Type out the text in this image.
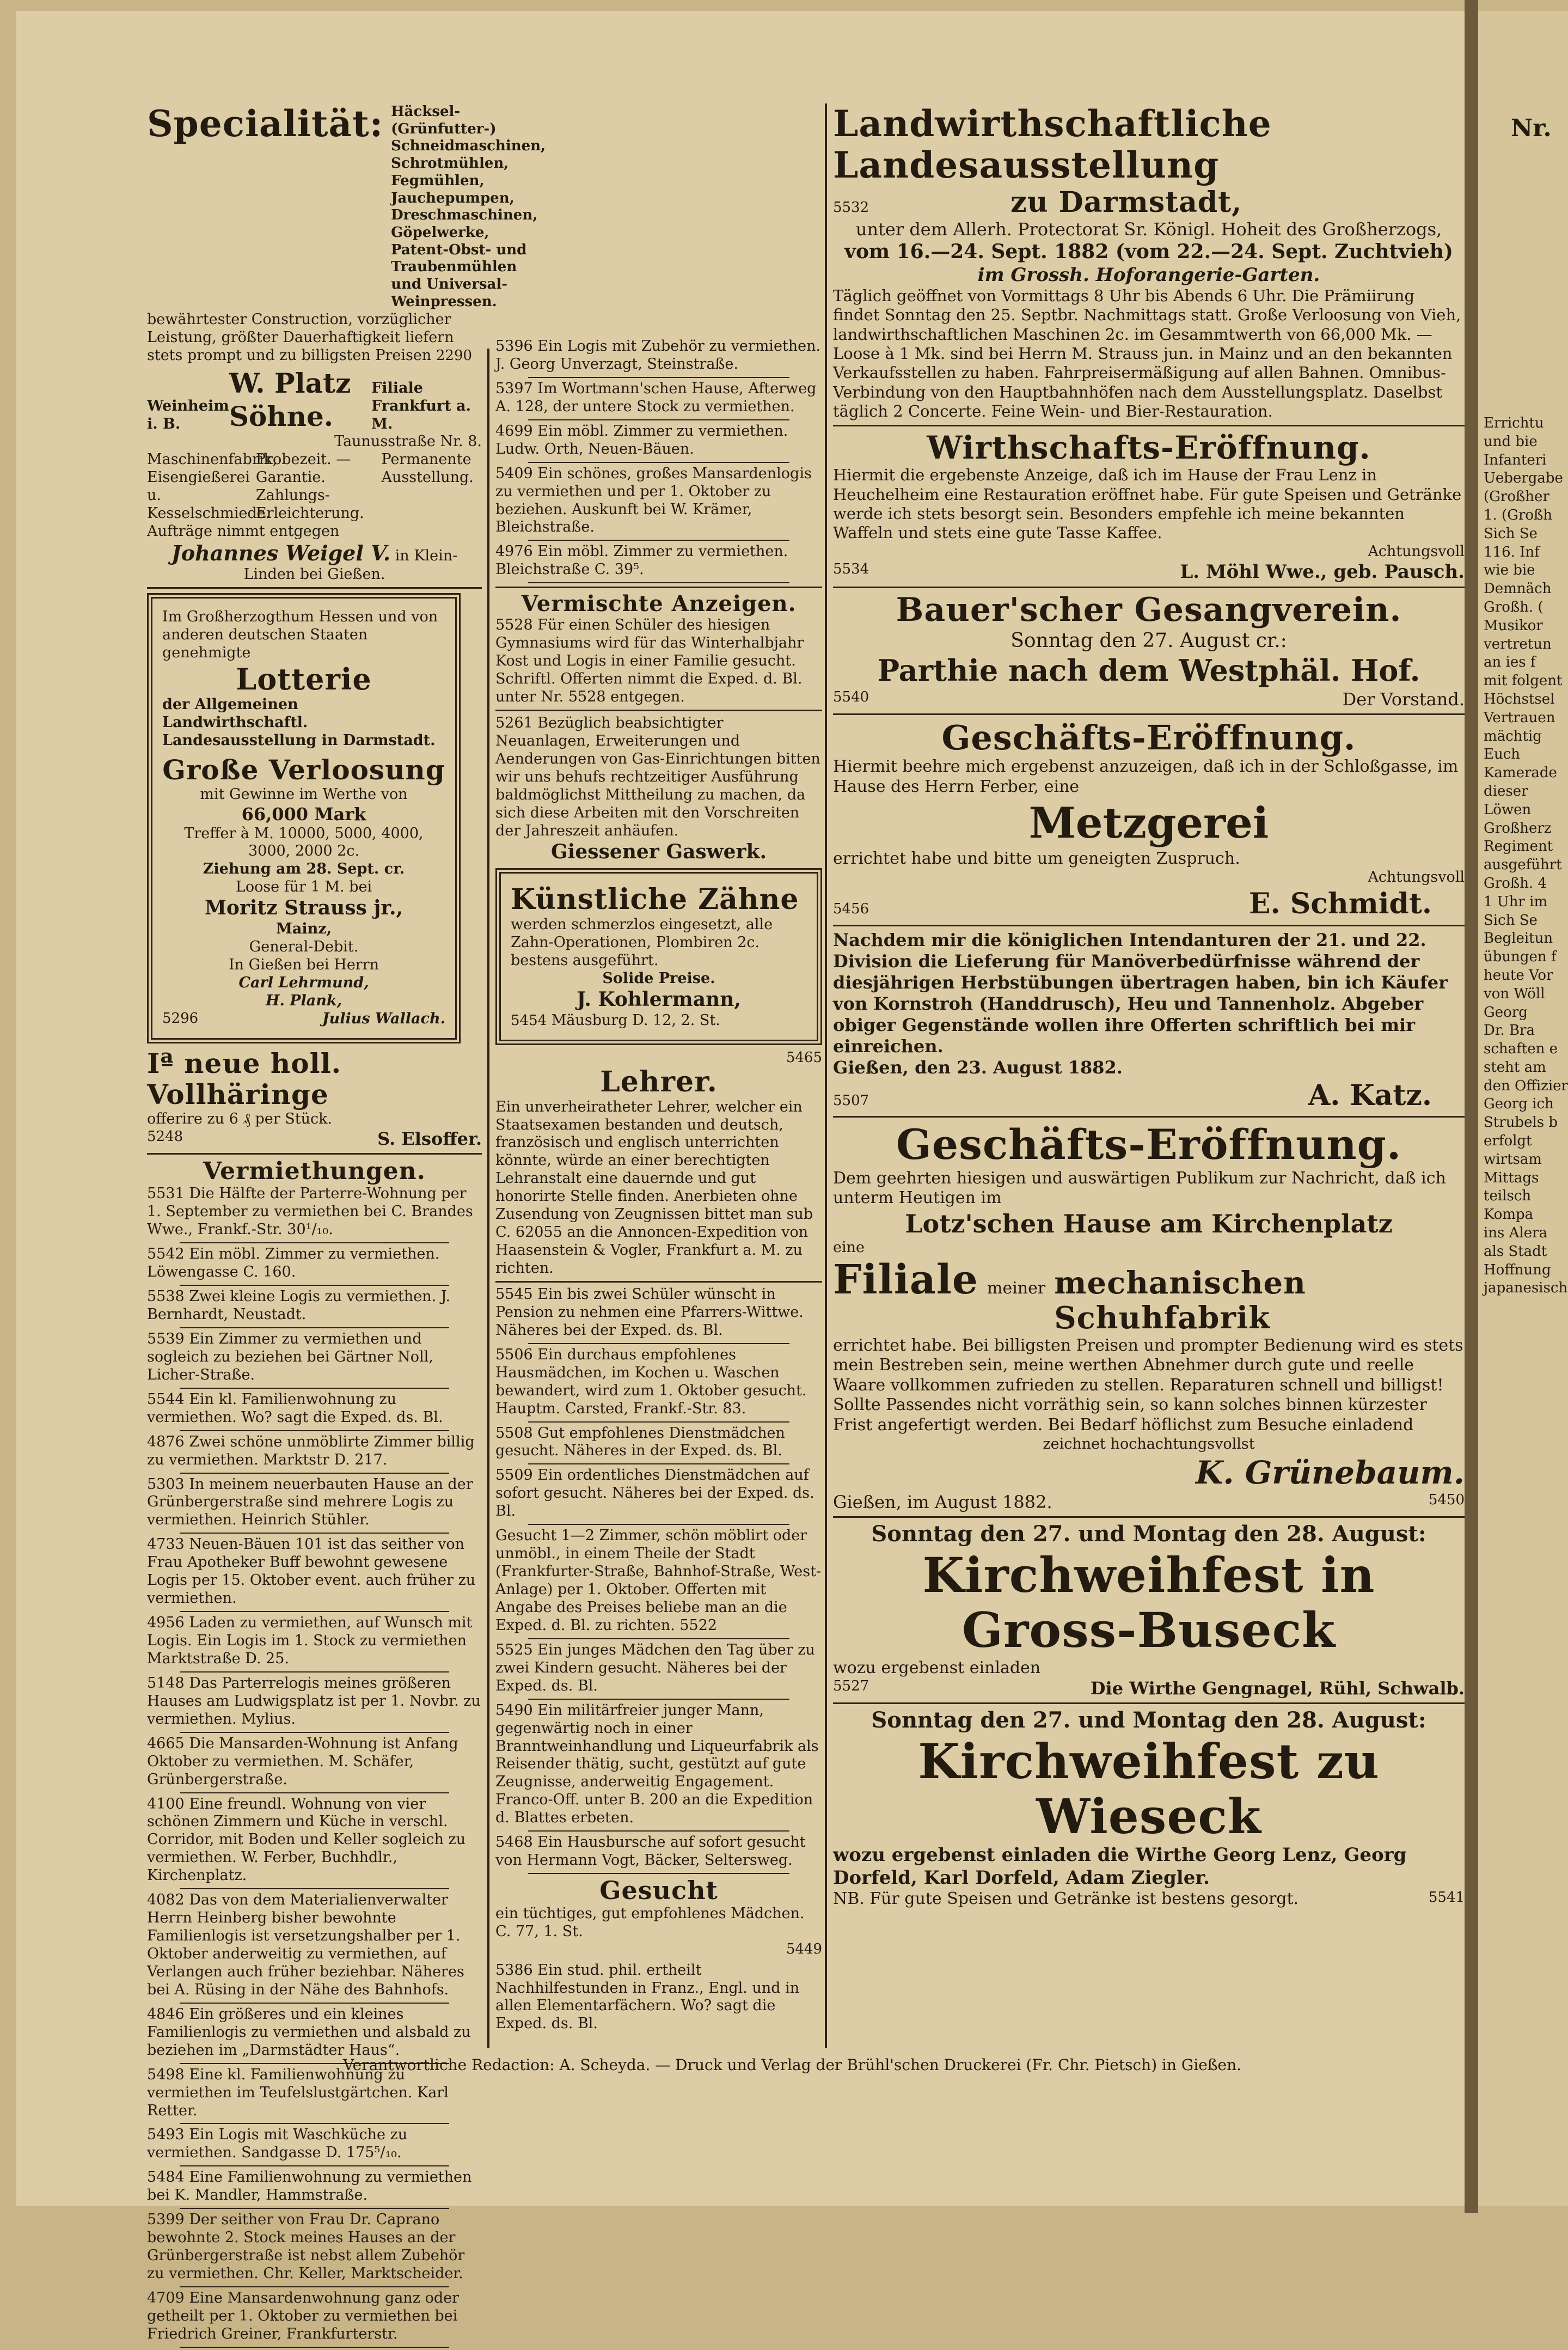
Specialität: Häcksel- (Grünfutter-) Schneidmaschinen, Schrotmühlen, Fegmühlen, Jauchepumpen, Dreschmaschinen, Göpelwerke, Patent-Obst- und Traubenmühlen und Universal-Weinpressen.
bewährtester Construction, vorzüglicher Leistung, größter Dauerhaftigkeit liefern stets prompt und zu billigsten Preisen 2290
Weinheim i. B.
W. Platz Söhne.
Filiale Frankfurt a. M.
Taunusstraße Nr. 8.
Maschinenfabrik, Eisengießerei u. Kesselschmiede.
Probezeit. — Garantie. Zahlungs-Erleichterung.
Permanente Ausstellung.
Aufträge nimmt entgegen
Johannes Weigel V. in Klein-Linden bei Gießen.
Im Großherzogthum Hessen und von anderen deutschen Staaten genehmigte
Lotterie
der Allgemeinen Landwirthschaftl. Landesausstellung in Darmstadt.
Große Verloosung
mit Gewinne im Werthe von
66,000 Mark
Treffer à M. 10000, 5000, 4000, 3000, 2000 2c.
Ziehung am 28. Sept. cr.
Loose für 1 M. bei
Moritz Strauss jr.,
Mainz,
General-Debit.
In Gießen bei Herrn
Carl Lehrmund,
H. Plank,
5296	Julius Wallach.
Iª neue holl. Vollhäringe
offerire zu 6 ₰ per Stück.
5248	S. Elsoffer.
Vermiethungen.
5531 Die Hälfte der Parterre-Wohnung per 1. September zu vermiethen bei C. Brandes Wwe., Frankf.-Str. 30¹/₁₀.
5542 Ein möbl. Zimmer zu vermiethen. Löwengasse C. 160.
5538 Zwei kleine Logis zu vermiethen. J. Bernhardt, Neustadt.
5539 Ein Zimmer zu vermiethen und sogleich zu beziehen bei Gärtner Noll, Licher-Straße.
5544 Ein kl. Familienwohnung zu vermiethen. Wo? sagt die Exped. ds. Bl.
4876 Zwei schöne unmöblirte Zimmer billig zu vermiethen. Marktstr D. 217.
5303 In meinem neuerbauten Hause an der Grünbergerstraße sind mehrere Logis zu vermiethen. Heinrich Stühler.
4733 Neuen-Bäuen 101 ist das seither von Frau Apotheker Buff bewohnt gewesene Logis per 15. Oktober event. auch früher zu vermiethen.
4956 Laden zu vermiethen, auf Wunsch mit Logis. Ein Logis im 1. Stock zu vermiethen Marktstraße D. 25.
5148 Das Parterrelogis meines größeren Hauses am Ludwigsplatz ist per 1. Novbr. zu vermiethen. Mylius.
4665 Die Mansarden-Wohnung ist Anfang Oktober zu vermiethen. M. Schäfer, Grünbergerstraße.
4100 Eine freundl. Wohnung von vier schönen Zimmern und Küche in verschl. Corridor, mit Boden und Keller sogleich zu vermiethen. W. Ferber, Buchhdlr., Kirchenplatz.
4082 Das von dem Materialienverwalter Herrn Heinberg bisher bewohnte Familienlogis ist versetzungshalber per 1. Oktober anderweitig zu vermiethen, auf Verlangen auch früher beziehbar. Näheres bei A. Rüsing in der Nähe des Bahnhofs.
4846 Ein größeres und ein kleines Familienlogis zu vermiethen und alsbald zu beziehen im „Darmstädter Haus“.
5498 Eine kl. Familienwohnung zu vermiethen im Teufelslustgärtchen. Karl Retter.
5493 Ein Logis mit Waschküche zu vermiethen. Sandgasse D. 175⁵/₁₀.
5484 Eine Familienwohnung zu vermiethen bei K. Mandler, Hammstraße.
5399 Der seither von Frau Dr. Caprano bewohnte 2. Stock meines Hauses an der Grünbergerstraße ist nebst allem Zubehör zu vermiethen. Chr. Keller, Marktscheider.
4709 Eine Mansardenwohnung ganz oder getheilt per 1. Oktober zu vermiethen bei Friedrich Greiner, Frankfurterstr.
5396 Ein Logis mit Zubehör zu vermiethen. J. Georg Unverzagt, Steinstraße.
5397 Im Wortmann'schen Hause, Afterweg A. 128, der untere Stock zu vermiethen.
4699 Ein möbl. Zimmer zu vermiethen. Ludw. Orth, Neuen-Bäuen.
5409 Ein schönes, großes Mansardenlogis zu vermiethen und per 1. Oktober zu beziehen. Auskunft bei W. Krämer, Bleichstraße.
4976 Ein möbl. Zimmer zu vermiethen. Bleichstraße C. 39⁵.
Vermischte Anzeigen.
5528 Für einen Schüler des hiesigen Gymnasiums wird für das Winterhalbjahr Kost und Logis in einer Familie gesucht. Schriftl. Offerten nimmt die Exped. d. Bl. unter Nr. 5528 entgegen.
5261 Bezüglich beabsichtigter Neuanlagen, Erweiterungen und Aenderungen von Gas-Einrichtungen bitten wir uns behufs rechtzeitiger Ausführung baldmöglichst Mittheilung zu machen, da sich diese Arbeiten mit den Vorschreiten der Jahreszeit anhäufen.
Giessener Gaswerk.
Künstliche Zähne
werden schmerzlos eingesetzt, alle Zahn-Operationen, Plombiren 2c. bestens ausgeführt.
Solide Preise.
J. Kohlermann,
5454 Mäusburg D. 12, 2. St.
5465
Lehrer.
Ein unverheiratheter Lehrer, welcher ein Staatsexamen bestanden und deutsch, französisch und englisch unterrichten könnte, würde an einer berechtigten Lehranstalt eine dauernde und gut honorirte Stelle finden. Anerbieten ohne Zusendung von Zeugnissen bittet man sub C. 62055 an die Annoncen-Expedition von Haasenstein & Vogler, Frankfurt a. M. zu richten.
5545 Ein bis zwei Schüler wünscht in Pension zu nehmen eine Pfarrers-Wittwe. Näheres bei der Exped. ds. Bl.
5506 Ein durchaus empfohlenes Hausmädchen, im Kochen u. Waschen bewandert, wird zum 1. Oktober gesucht. Hauptm. Carsted, Frankf.-Str. 83.
5508 Gut empfohlenes Dienstmädchen gesucht. Näheres in der Exped. ds. Bl.
5509 Ein ordentliches Dienstmädchen auf sofort gesucht. Näheres bei der Exped. ds. Bl.
Gesucht 1—2 Zimmer, schön möblirt oder unmöbl., in einem Theile der Stadt (Frankfurter-Straße, Bahnhof-Straße, West-Anlage) per 1. Oktober. Offerten mit Angabe des Preises beliebe man an die Exped. d. Bl. zu richten. 5522
5525 Ein junges Mädchen den Tag über zu zwei Kindern gesucht. Näheres bei der Exped. ds. Bl.
5490 Ein militärfreier junger Mann, gegenwärtig noch in einer Branntweinhandlung und Liqueurfabrik als Reisender thätig, sucht, gestützt auf gute Zeugnisse, anderweitig Engagement. Franco-Off. unter B. 200 an die Expedition d. Blattes erbeten.
5468 Ein Hausbursche auf sofort gesucht von Hermann Vogt, Bäcker, Seltersweg.
Gesucht
ein tüchtiges, gut empfohlenes Mädchen. C. 77, 1. St.
5449
5386 Ein stud. phil. ertheilt Nachhilfestunden in Franz., Engl. und in allen Elementarfächern. Wo? sagt die Exped. ds. Bl.
Landwirthschaftliche Landesausstellung
5532	zu Darmstadt,
unter dem Allerh. Protectorat Sr. Königl. Hoheit des Großherzogs,
vom 16.—24. Sept. 1882 (vom 22.—24. Sept. Zuchtvieh)
im Grossh. Hoforangerie-Garten.
Täglich geöffnet von Vormittags 8 Uhr bis Abends 6 Uhr. Die Prämiirung findet Sonntag den 25. Septbr. Nachmittags statt. Große Verloosung von Vieh, landwirthschaftlichen Maschinen 2c. im Gesammtwerth von 66,000 Mk. — Loose à 1 Mk. sind bei Herrn M. Strauss jun. in Mainz und an den bekannten Verkaufsstellen zu haben. Fahrpreisermäßigung auf allen Bahnen. Omnibus-Verbindung von den Hauptbahnhöfen nach dem Ausstellungsplatz. Daselbst täglich 2 Concerte. Feine Wein- und Bier-Restauration.
Wirthschafts-Eröffnung.
Hiermit die ergebenste Anzeige, daß ich im Hause der Frau Lenz in Heuchelheim eine Restauration eröffnet habe. Für gute Speisen und Getränke werde ich stets besorgt sein. Besonders empfehle ich meine bekannten Waffeln und stets eine gute Tasse Kaffee.
Achtungsvoll
5534	L. Möhl Wwe., geb. Pausch.
Bauer'scher Gesangverein.
Sonntag den 27. August cr.:
Parthie nach dem Westphäl. Hof.
5540	Der Vorstand.
Geschäfts-Eröffnung.
Hiermit beehre mich ergebenst anzuzeigen, daß ich in der Schloßgasse, im Hause des Herrn Ferber, eine
Metzgerei
errichtet habe und bitte um geneigten Zuspruch.
Achtungsvoll
5456	E. Schmidt.
Nachdem mir die königlichen Intendanturen der 21. und 22. Division die Lieferung für Manöverbedürfnisse während der diesjährigen Herbstübungen übertragen haben, bin ich Käufer von Kornstroh (Handdrusch), Heu und Tannenholz. Abgeber obiger Gegenstände wollen ihre Offerten schriftlich bei mir einreichen.
Gießen, den 23. August 1882.
5507	A. Katz.
Geschäfts-Eröffnung.
Dem geehrten hiesigen und auswärtigen Publikum zur Nachricht, daß ich unterm Heutigen im
Lotz'schen Hause am Kirchenplatz
eine
Filiale meiner mechanischen Schuhfabrik
errichtet habe. Bei billigsten Preisen und prompter Bedienung wird es stets mein Bestreben sein, meine werthen Abnehmer durch gute und reelle Waare vollkommen zufrieden zu stellen. Reparaturen schnell und billigst! Sollte Passendes nicht vorräthig sein, so kann solches binnen kürzester Frist angefertigt werden. Bei Bedarf höflichst zum Besuche einladend
zeichnet hochachtungsvollst
K. Grünebaum.
Gießen, im August 1882.	5450
Sonntag den 27. und Montag den 28. August:
Kirchweihfest in Gross-Buseck
wozu ergebenst einladen
5527	Die Wirthe Gengnagel, Rühl, Schwalb.
Sonntag den 27. und Montag den 28. August:
Kirchweihfest zu Wieseck
wozu ergebenst einladen die Wirthe Georg Lenz, Georg Dorfeld, Karl Dorfeld, Adam Ziegler.
NB. Für gute Speisen und Getränke ist bestens gesorgt.	5541
Verantwortliche Redaction: A. Scheyda. — Druck und Verlag der Brühl'schen Druckerei (Fr. Chr. Pietsch) in Gießen.
Nr.
Errichtu
und bie
Infanteri
Uebergabe
(Großher
1. (Großh
Sich Se
116. Inf
wie bie
Demnäch
Großh. (
Musikor
vertretun
an ies f
mit folgent
Höchstsel
Vertrauen
mächtig
Euch
Kamerade
dieser
Löwen
Großherz
Regiment
ausgeführt
Großh. 4
1 Uhr im
Sich Se
Begleitun
übungen f
heute Vor
von Wöll
Georg
Dr. Bra
schaften e
steht am
den Offizier
Georg ich
Strubels b
erfolgt
wirtsam
Mittags
teilsch
Kompa
ins Alera
als Stadt
Hoffnung
japanesisch
